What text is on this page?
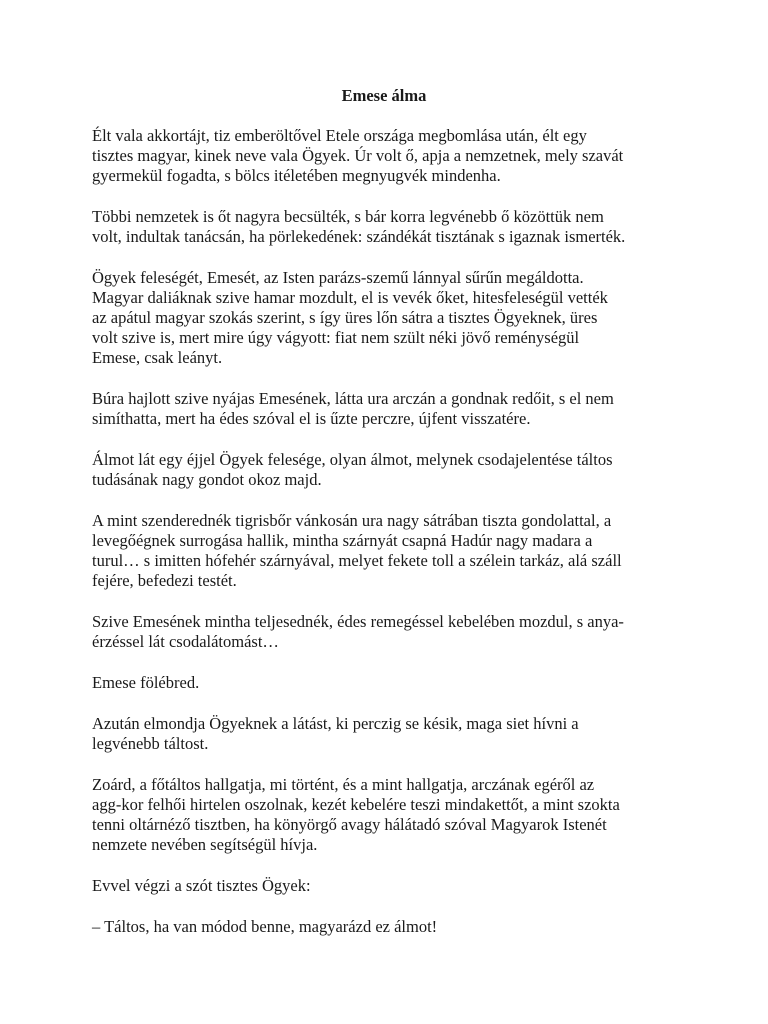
Emese álma

Élt vala akkortájt, tiz emberöltővel Etele országa megbomlása után, élt egy
tisztes magyar, kinek neve vala Ögyek. Úr volt ő, apja a nemzetnek, mely szavát
gyermekül fogadta, s bölcs itéletében megnyugvék mindenha.

Többi nemzetek is őt nagyra becsülték, s bár korra legvénebb ő közöttük nem
volt, indultak tanácsán, ha pörlekedének: szándékát tisztának s igaznak ismerték.

Ögyek feleségét, Emesét, az Isten parázs-szemű lánnyal sűrűn megáldotta.
Magyar daliáknak szive hamar mozdult, el is vevék őket, hitesfeleségül vették
az apátul magyar szokás szerint, s így üres lőn sátra a tisztes Ögyeknek, üres
volt szive is, mert mire úgy vágyott: fiat nem szült néki jövő reménységül
Emese, csak leányt.

Búra hajlott szive nyájas Emesének, látta ura arczán a gondnak redőit, s el nem
simíthatta, mert ha édes szóval el is űzte perczre, újfent visszatére.

Álmot lát egy éjjel Ögyek felesége, olyan álmot, melynek csodajelentése táltos
tudásának nagy gondot okoz majd.

A mint szenderednék tigrisbőr vánkosán ura nagy sátrában tiszta gondolattal, a
levegőégnek surrogása hallik, mintha szárnyát csapná Hadúr nagy madara a
turul… s imitten hófehér szárnyával, melyet fekete toll a szélein tarkáz, alá száll
fejére, befedezi testét.

Szive Emesének mintha teljesednék, édes remegéssel kebelében mozdul, s anya-
érzéssel lát csodalátomást…

Emese fölébred.

Azután elmondja Ögyeknek a látást, ki perczig se késik, maga siet hívni a
legvénebb táltost.

Zoárd, a főtáltos hallgatja, mi történt, és a mint hallgatja, arczának egéről az
agg-kor felhői hirtelen oszolnak, kezét kebelére teszi mindakettőt, a mint szokta
tenni oltárnéző tisztben, ha könyörgő avagy hálátadó szóval Magyarok Istenét
nemzete nevében segítségül hívja.

Evvel végzi a szót tisztes Ögyek:

– Táltos, ha van módod benne, magyarázd ez álmot!
